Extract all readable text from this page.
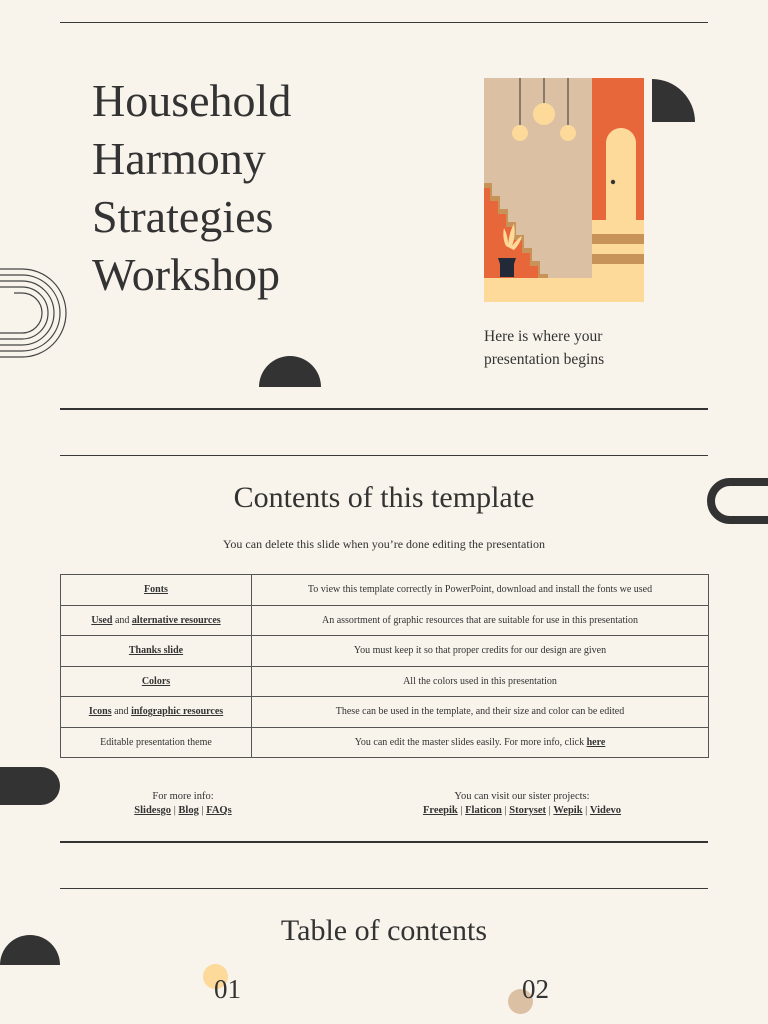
Household
Harmony
Strategies
Workshop
Here is where your presentation begins
Contents of this template
You can delete this slide when you’re done editing the presentation
Fonts	To view this template correctly in PowerPoint, download and install the fonts we used
Used and alternative resources	An assortment of graphic resources that are suitable for use in this presentation
Thanks slide	You must keep it so that proper credits for our design are given
Colors	All the colors used in this presentation
Icons and infographic resources	These can be used in the template, and their size and color can be edited
Editable presentation theme	You can edit the master slides easily. For more info, click here
For more info:
Slidesgo | Blog | FAQs
You can visit our sister projects:
Freepik | Flaticon | Storyset | Wepik | Videvo
Table of contents
01	02
